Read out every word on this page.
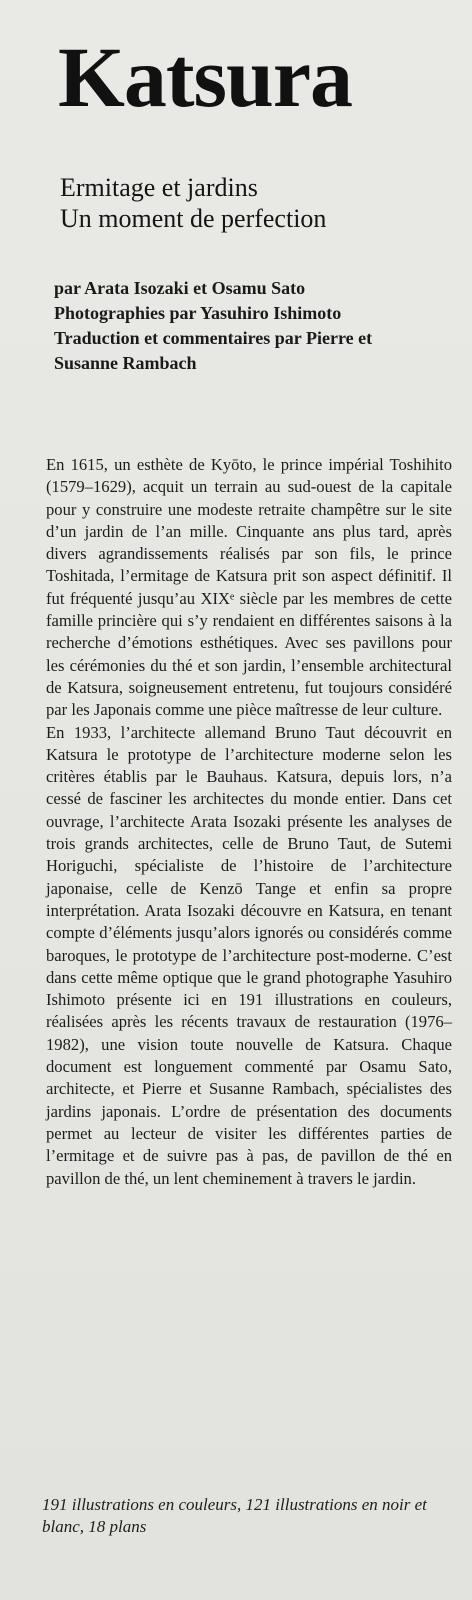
Katsura
Ermitage et jardins
Un moment de perfection
par Arata Isozaki et Osamu Sato
Photographies par Yasuhiro Ishimoto
Traduction et commentaires par Pierre et
Susanne Rambach

En 1615, un esthète de Kyōto, le prince impérial Toshihito (1579–1629), acquit un terrain au sud-ouest de la capitale pour y construire une modeste retraite champêtre sur le site d’un jardin de l’an mille. Cinquante ans plus tard, après divers agrandissements réalisés par son fils, le prince Toshitada, l’ermitage de Katsura prit son aspect définitif. Il fut fréquenté jusqu’au XIXᵉ siècle par les membres de cette famille princière qui s’y rendaient en différentes saisons à la recherche d’émotions esthétiques. Avec ses pavillons pour les cérémonies du thé et son jardin, l’ensemble architectural de Katsura, soigneusement entretenu, fut toujours considéré par les Japonais comme une pièce maîtresse de leur culture.

En 1933, l’architecte allemand Bruno Taut découvrit en Katsura le prototype de l’architecture moderne selon les critères établis par le Bauhaus. Katsura, depuis lors, n’a cessé de fasciner les architectes du monde entier. Dans cet ouvrage, l’architecte Arata Isozaki présente les analyses de trois grands architectes, celle de Bruno Taut, de Sutemi Horiguchi, spécialiste de l’histoire de l’architecture japonaise, celle de Kenzō Tange et enfin sa propre interprétation. Arata Isozaki découvre en Katsura, en tenant compte d’éléments jusqu’alors ignorés ou considérés comme baroques, le prototype de l’architecture post-moderne. C’est dans cette même optique que le grand photographe Yasuhiro Ishimoto présente ici en 191 illustrations en couleurs, réalisées après les récents travaux de restauration (1976–1982), une vision toute nouvelle de Katsura. Chaque document est longuement commenté par Osamu Sato, architecte, et Pierre et Susanne Rambach, spécialistes des jardins japonais. L’ordre de présentation des documents permet au lecteur de visiter les différentes parties de l’ermitage et de suivre pas à pas, de pavillon de thé en pavillon de thé, un lent cheminement à travers le jardin.

191 illustrations en couleurs, 121 illustrations en noir et blanc, 18 plans
